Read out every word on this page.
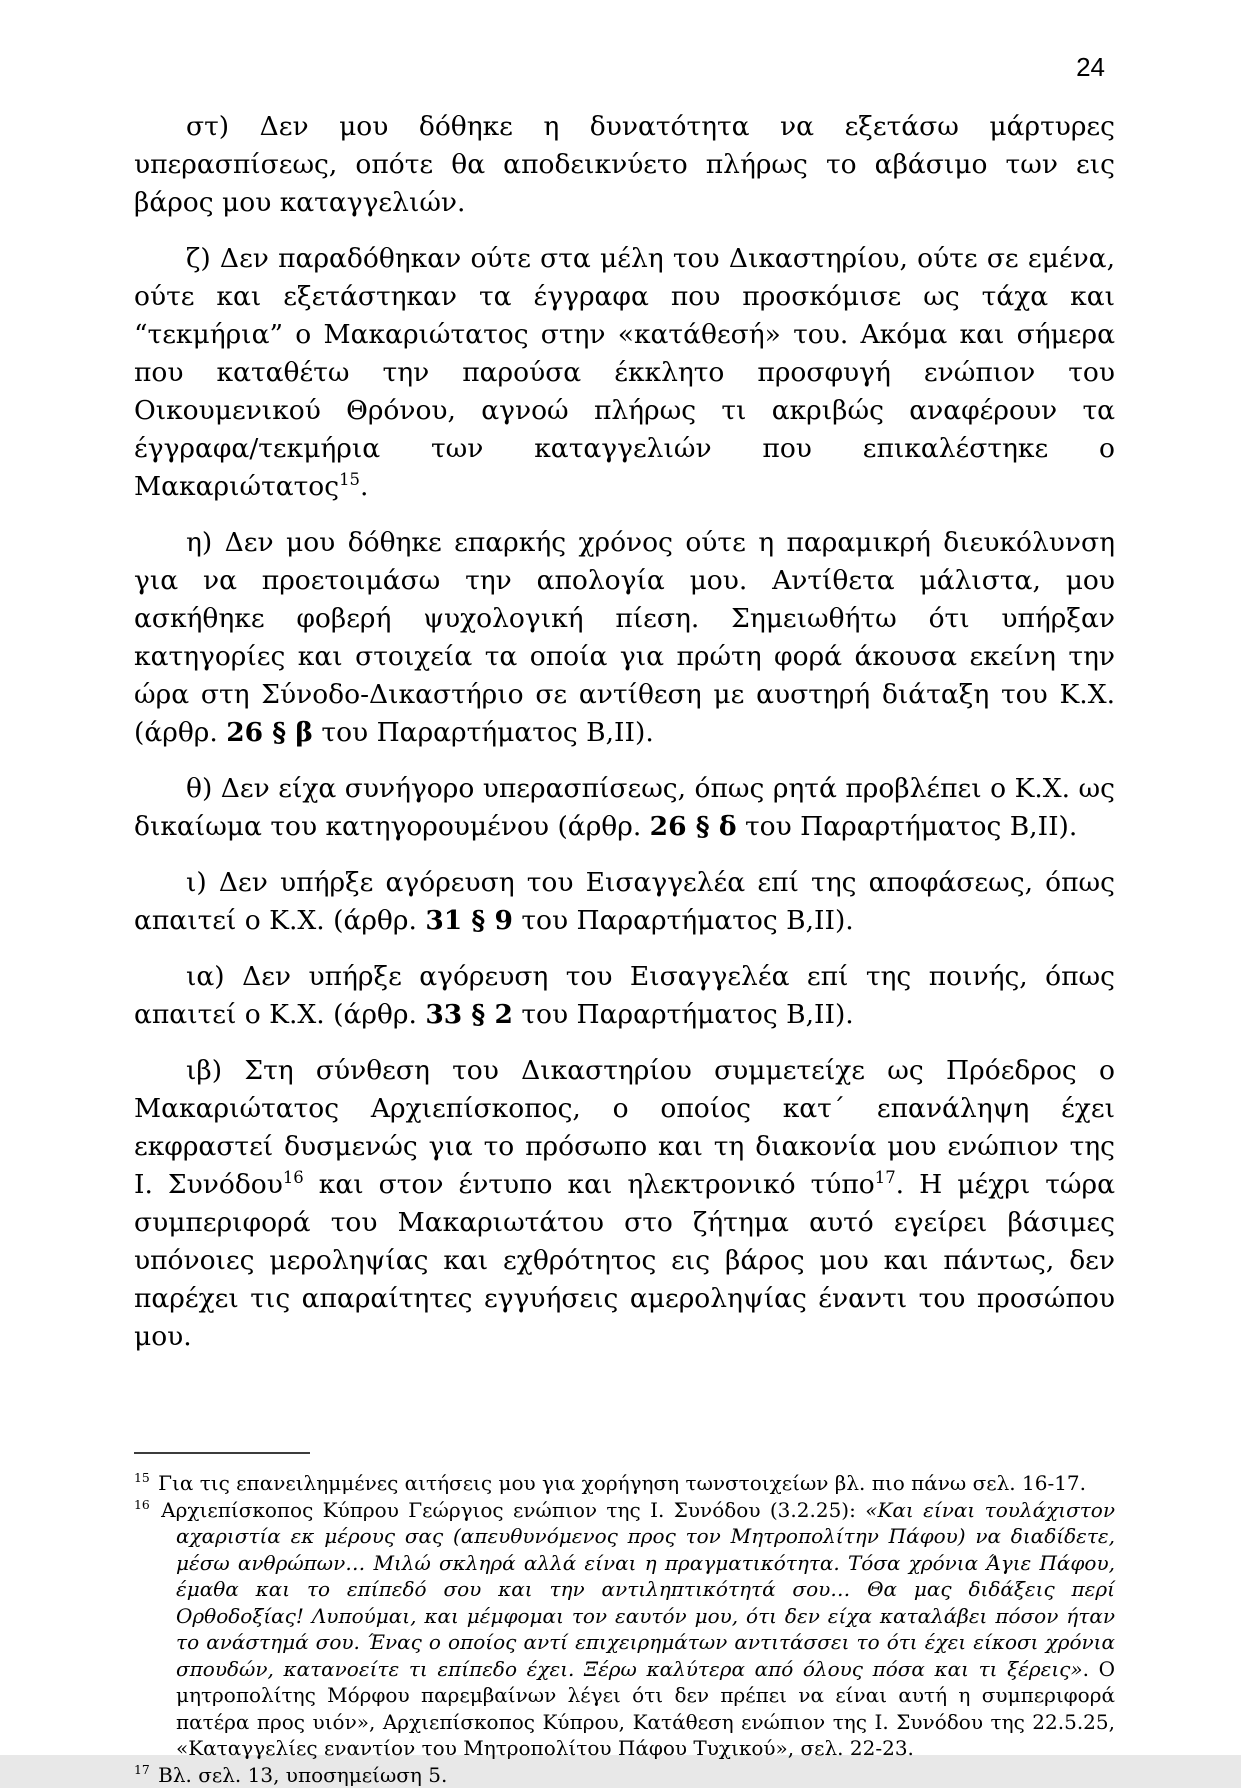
24
στ) Δεν μου δόθηκε η δυνατότητα να εξετάσω μάρτυρες υπερασπίσεως, οπότε θα αποδεικνύετο πλήρως το αβάσιμο των εις βάρος μου καταγγελιών.
ζ) Δεν παραδόθηκαν ούτε στα μέλη του Δικαστηρίου, ούτε σε εμένα, ούτε και εξετάστηκαν τα έγγραφα που προσκόμισε ως τάχα και “τεκμήρια” ο Μακαριώτατος στην «κατάθεσή» του. Ακόμα και σήμερα που καταθέτω την παρούσα έκκλητο προσφυγή ενώπιον του Οικουμενικού Θρόνου, αγνοώ πλήρως τι ακριβώς αναφέρουν τα έγγραφα/τεκμήρια των καταγγελιών που επικαλέστηκε ο Μακαριώτατος$^{15}$.
η) Δεν μου δόθηκε επαρκής χρόνος ούτε η παραμικρή διευκόλυνση για να προετοιμάσω την απολογία μου. Αντίθετα μάλιστα, μου ασκήθηκε φοβερή ψυχολογική πίεση. Σημειωθήτω ότι υπήρξαν κατηγορίες και στοιχεία τα οποία για πρώτη φορά άκουσα εκείνη την ώρα στη Σύνοδο-Δικαστήριο σε αντίθεση με αυστηρή διάταξη του Κ.Χ. (άρθρ. 26 § β του Παραρτήματος Β,ΙΙ).
θ) Δεν είχα συνήγορο υπερασπίσεως, όπως ρητά προβλέπει ο Κ.Χ. ως δικαίωμα του κατηγορουμένου (άρθρ. 26 § δ του Παραρτήματος Β,ΙΙ).
ι) Δεν υπήρξε αγόρευση του Εισαγγελέα επί της αποφάσεως, όπως απαιτεί ο Κ.Χ. (άρθρ. 31 § 9 του Παραρτήματος Β,ΙΙ).
ια) Δεν υπήρξε αγόρευση του Εισαγγελέα επί της ποινής, όπως απαιτεί ο Κ.Χ. (άρθρ. 33 § 2 του Παραρτήματος Β,ΙΙ).
ιβ) Στη σύνθεση του Δικαστηρίου συμμετείχε ως Πρόεδρος ο Μακαριώτατος Αρχιεπίσκοπος, ο οποίος κατ΄ επανάληψη έχει εκφραστεί δυσμενώς για το πρόσωπο και τη διακονία μου ενώπιον της Ι. Συνόδου$^{16}$ και στον έντυπο και ηλεκτρονικό τύπο$^{17}$. Η μέχρι τώρα συμπεριφορά του Μακαριωτάτου στο ζήτημα αυτό εγείρει βάσιμες υπόνοιες μεροληψίας και εχθρότητος εις βάρος μου και πάντως, δεν παρέχει τις απαραίτητες εγγυήσεις αμεροληψίας έναντι του προσώπου μου.
$^{15}$ Για τις επανειλημμένες αιτήσεις μου για χορήγηση τωνστοιχείων βλ. πιο πάνω σελ. 16-17.
$^{16}$ Αρχιεπίσκοπος Κύπρου Γεώργιος ενώπιον της Ι. Συνόδου (3.2.25): «Και είναι τουλάχιστον αχαριστία εκ μέρους σας (απευθυνόμενος προς τον Μητροπολίτην Πάφου) να διαδίδετε, μέσω ανθρώπων… Μιλώ σκληρά αλλά είναι η πραγματικότητα. Τόσα χρόνια Άγιε Πάφου, έμαθα και το επίπεδό σου και την αντιληπτικότητά σου… Θα μας διδάξεις περί Ορθοδοξίας! Λυπούμαι, και μέμφομαι τον εαυτόν μου, ότι δεν είχα καταλάβει πόσον ήταν το ανάστημά σου. Ένας ο οποίος αντί επιχειρημάτων αντιτάσσει το ότι έχει είκοσι χρόνια σπουδών, κατανοείτε τι επίπεδο έχει. Ξέρω καλύτερα από όλους πόσα και τι ξέρεις». Ο μητροπολίτης Μόρφου παρεμβαίνων λέγει ότι δεν πρέπει να είναι αυτή η συμπεριφορά πατέρα προς υιόν», Αρχιεπίσκοπος Κύπρου, Κατάθεση ενώπιον της Ι. Συνόδου της 22.5.25, «Καταγγελίες εναντίον του Μητροπολίτου Πάφου Τυχικού», σελ. 22-23.
$^{17}$ Βλ. σελ. 13, υποσημείωση 5.
